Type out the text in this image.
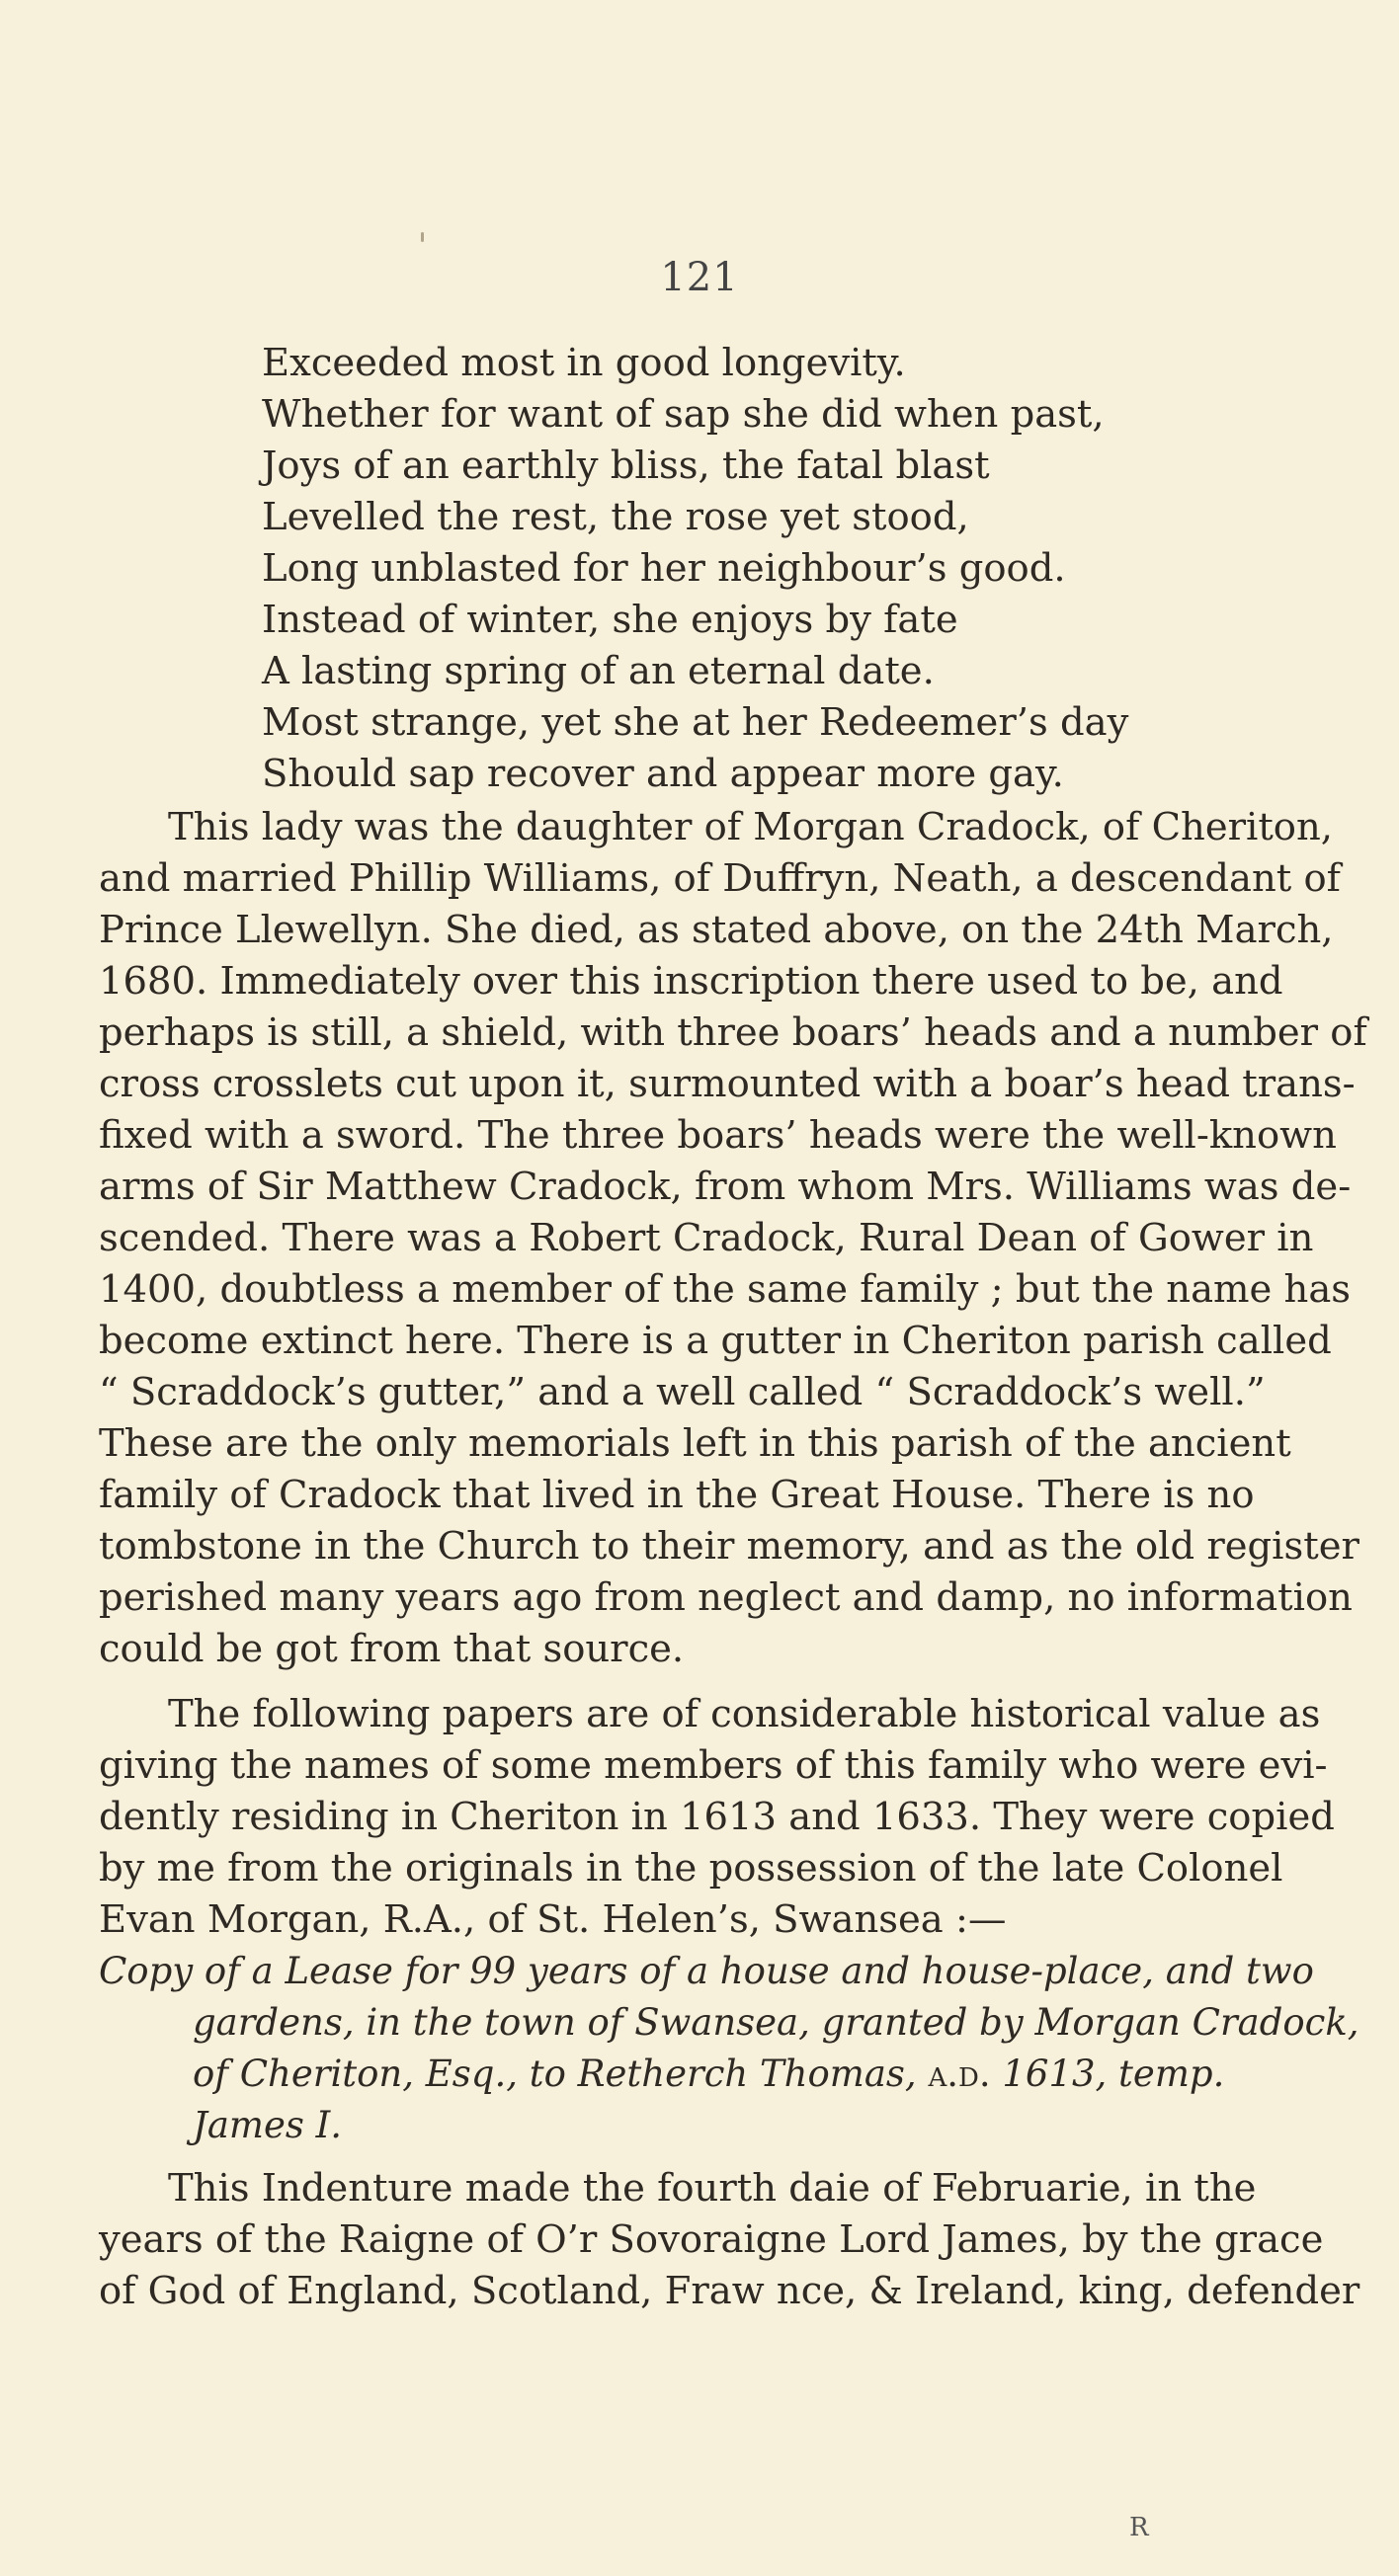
121
Exceeded most in good longevity.
Whether for want of sap she did when past,
Joys of an earthly bliss, the fatal blast
Levelled the rest, the rose yet stood,
Long unblasted for her neighbour’s good.
Instead of winter, she enjoys by fate
A lasting spring of an eternal date.
Most strange, yet she at her Redeemer’s day
Should sap recover and appear more gay.
This lady was the daughter of Morgan Cradock, of Cheriton,
and married Phillip Williams, of Duffryn, Neath, a descendant of
Prince Llewellyn. She died, as stated above, on the 24th March,
1680. Immediately over this inscription there used to be, and
perhaps is still, a shield, with three boars’ heads and a number of
cross crosslets cut upon it, surmounted with a boar’s head trans-
fixed with a sword. The three boars’ heads were the well-known
arms of Sir Matthew Cradock, from whom Mrs. Williams was de-
scended. There was a Robert Cradock, Rural Dean of Gower in
1400, doubtless a member of the same family ; but the name has
become extinct here. There is a gutter in Cheriton parish called
“ Scraddock’s gutter,” and a well called “ Scraddock’s well.”
These are the only memorials left in this parish of the ancient
family of Cradock that lived in the Great House. There is no
tombstone in the Church to their memory, and as the old register
perished many years ago from neglect and damp, no information
could be got from that source.
The following papers are of considerable historical value as
giving the names of some members of this family who were evi-
dently residing in Cheriton in 1613 and 1633. They were copied
by me from the originals in the possession of the late Colonel
Evan Morgan, R.A., of St. Helen’s, Swansea :—
Copy of a Lease for 99 years of a house and house-place, and two
gardens, in the town of Swansea, granted by Morgan Cradock,
of Cheriton, Esq., to Retherch Thomas, a.d. 1613, temp.
James I.
This Indenture made the fourth daie of Februarie, in the
years of the Raigne of O’r Sovoraigne Lord James, by the grace
of God of England, Scotland, Fraw nce, & Ireland, king, defender
R
